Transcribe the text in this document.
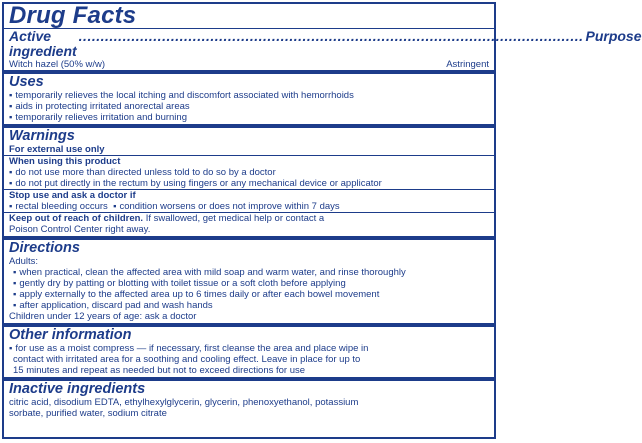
Drug Facts
Active ingredient
................................................................................................................... Purpose
Witch hazel (50% w/w)	Astringent
Uses
▪ temporarily relieves the local itching and discomfort associated with hemorrhoids
▪ aids in protecting irritated anorectal areas
▪ temporarily relieves irritation and burning
Warnings
For external use only
When using this product
▪ do not use more than directed unless told to do so by a doctor
▪ do not put directly in the rectum by using fingers or any mechanical device or applicator
Stop use and ask a doctor if
▪ rectal bleeding occurs  ▪ condition worsens or does not improve within 7 days
Keep out of reach of children. If swallowed, get medical help or contact a
Poison Control Center right away.
Directions
Adults:
▪ when practical, clean the affected area with mild soap and warm water, and rinse thoroughly
▪ gently dry by patting or blotting with toilet tissue or a soft cloth before applying
▪ apply externally to the affected area up to 6 times daily or after each bowel movement
▪ after application, discard pad and wash hands
Children under 12 years of age: ask a doctor
Other information
▪ for use as a moist compress — if necessary, first cleanse the area and place wipe in
contact with irritated area for a soothing and cooling effect. Leave in place for up to
15 minutes and repeat as needed but not to exceed directions for use
Inactive ingredients
citric acid, disodium EDTA, ethylhexylglycerin, glycerin, phenoxyethanol, potassium
sorbate, purified water, sodium citrate
